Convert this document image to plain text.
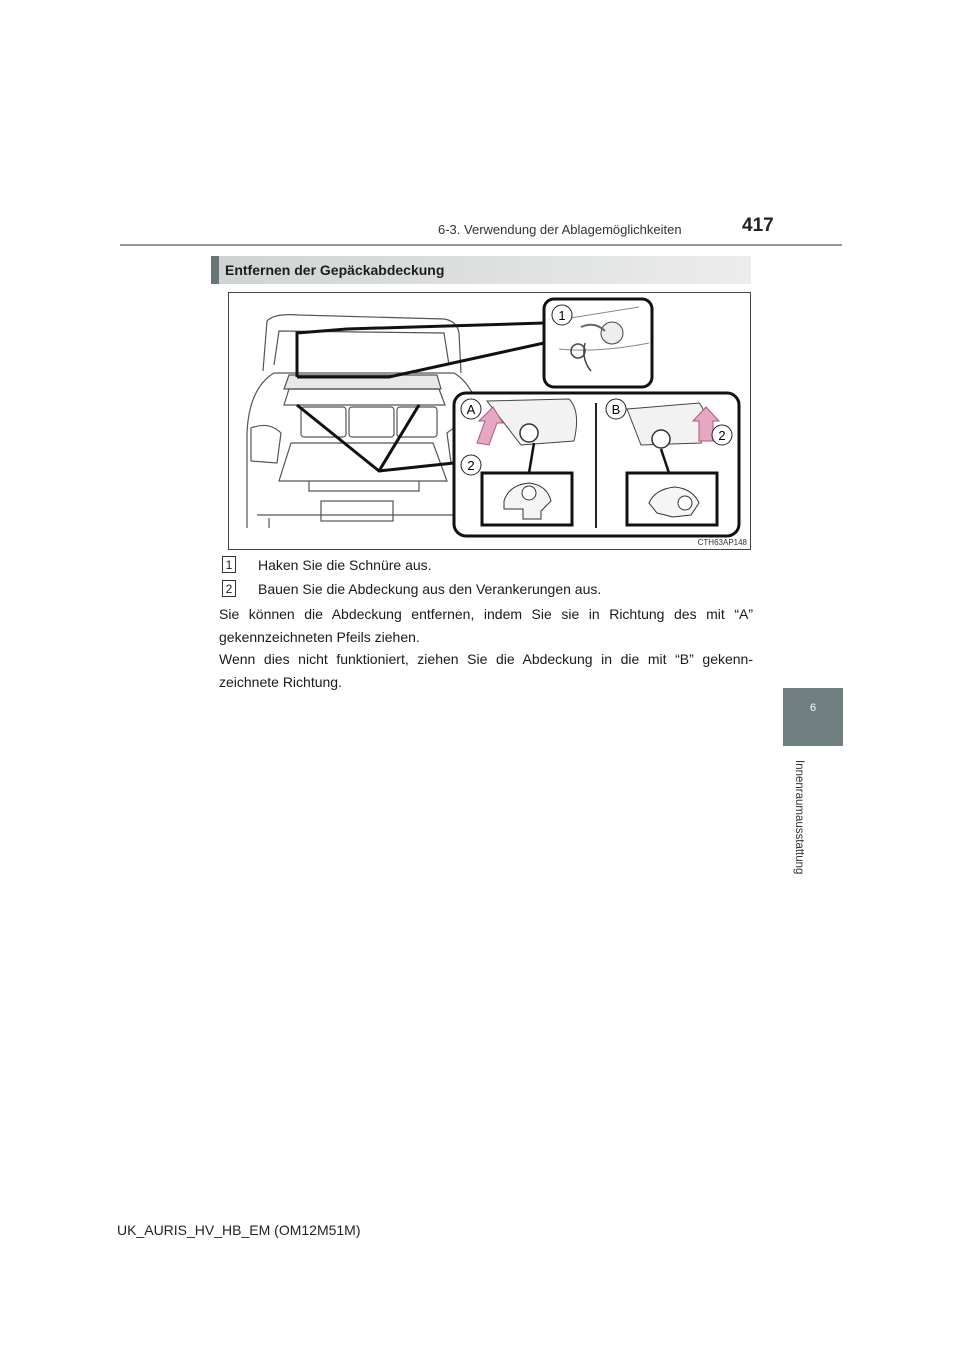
6-3. Verwendung der Ablagemöglichkeiten	417
6
Innenraumausstattung
Entfernen der Gepäckabdeckung
1
A
2
B
2
CTH63AP148
1 Haken Sie die Schnüre aus.
2 Bauen Sie die Abdeckung aus den Verankerungen aus.

Sie können die Abdeckung entfernen, indem Sie sie in Richtung des mit “A” gekennzeichneten Pfeils ziehen.

Wenn dies nicht funktioniert, ziehen Sie die Abdeckung in die mit “B” gekenn-zeichnete Richtung.

UK_AURIS_HV_HB_EM (OM12M51M)
